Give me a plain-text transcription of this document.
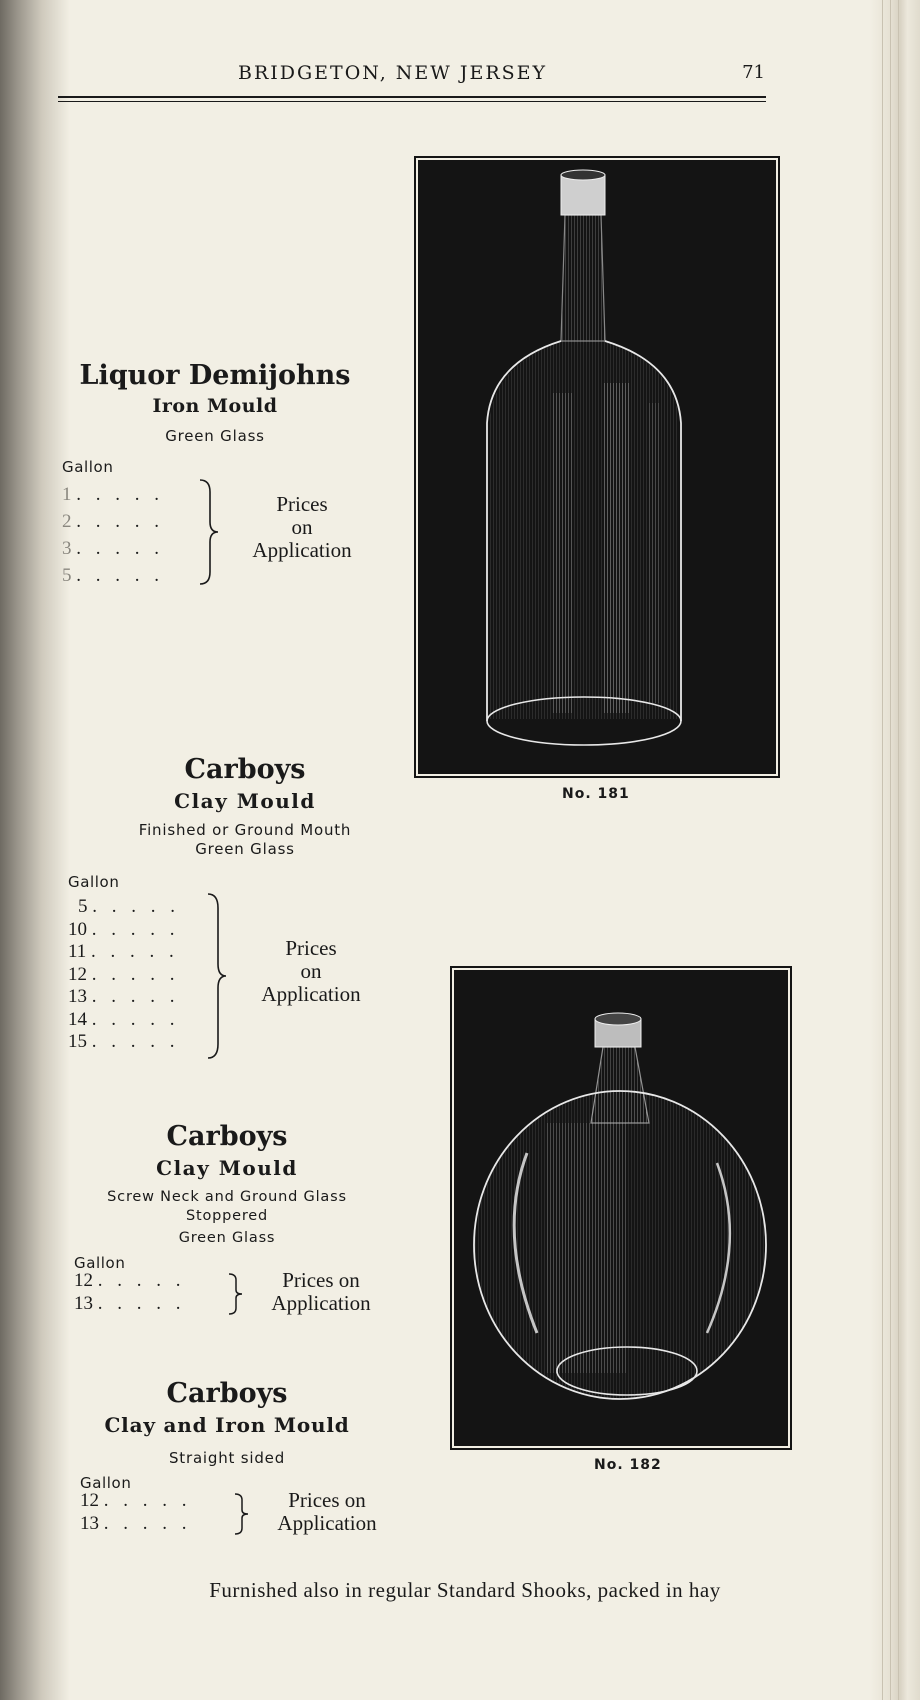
BRIDGETON, NEW JERSEY	71
Liquor Demijohns
Iron Mould
Green Glass
Gallon
1 . . . . .
2 . . . . .
3 . . . . .
5 . . . . .
Prices
on
Application
No. 181
Carboys
Clay Mould
Finished or Ground Mouth
Green Glass
Gallon
5 . . . . .
10 . . . . .
11 . . . . .
12 . . . . .
13 . . . . .
14 . . . . .
15 . . . . .
Prices
on
Application
No. 182
Carboys
Clay Mould
Screw Neck and Ground Glass
Stoppered
Green Glass
Gallon
12 . . . . .
13 . . . . .
Prices on
Application
Carboys
Clay and Iron Mould
Straight sided
Gallon
12 . . . . .
13 . . . . .
Prices on
Application
Furnished also in regular Standard Shooks, packed in hay
